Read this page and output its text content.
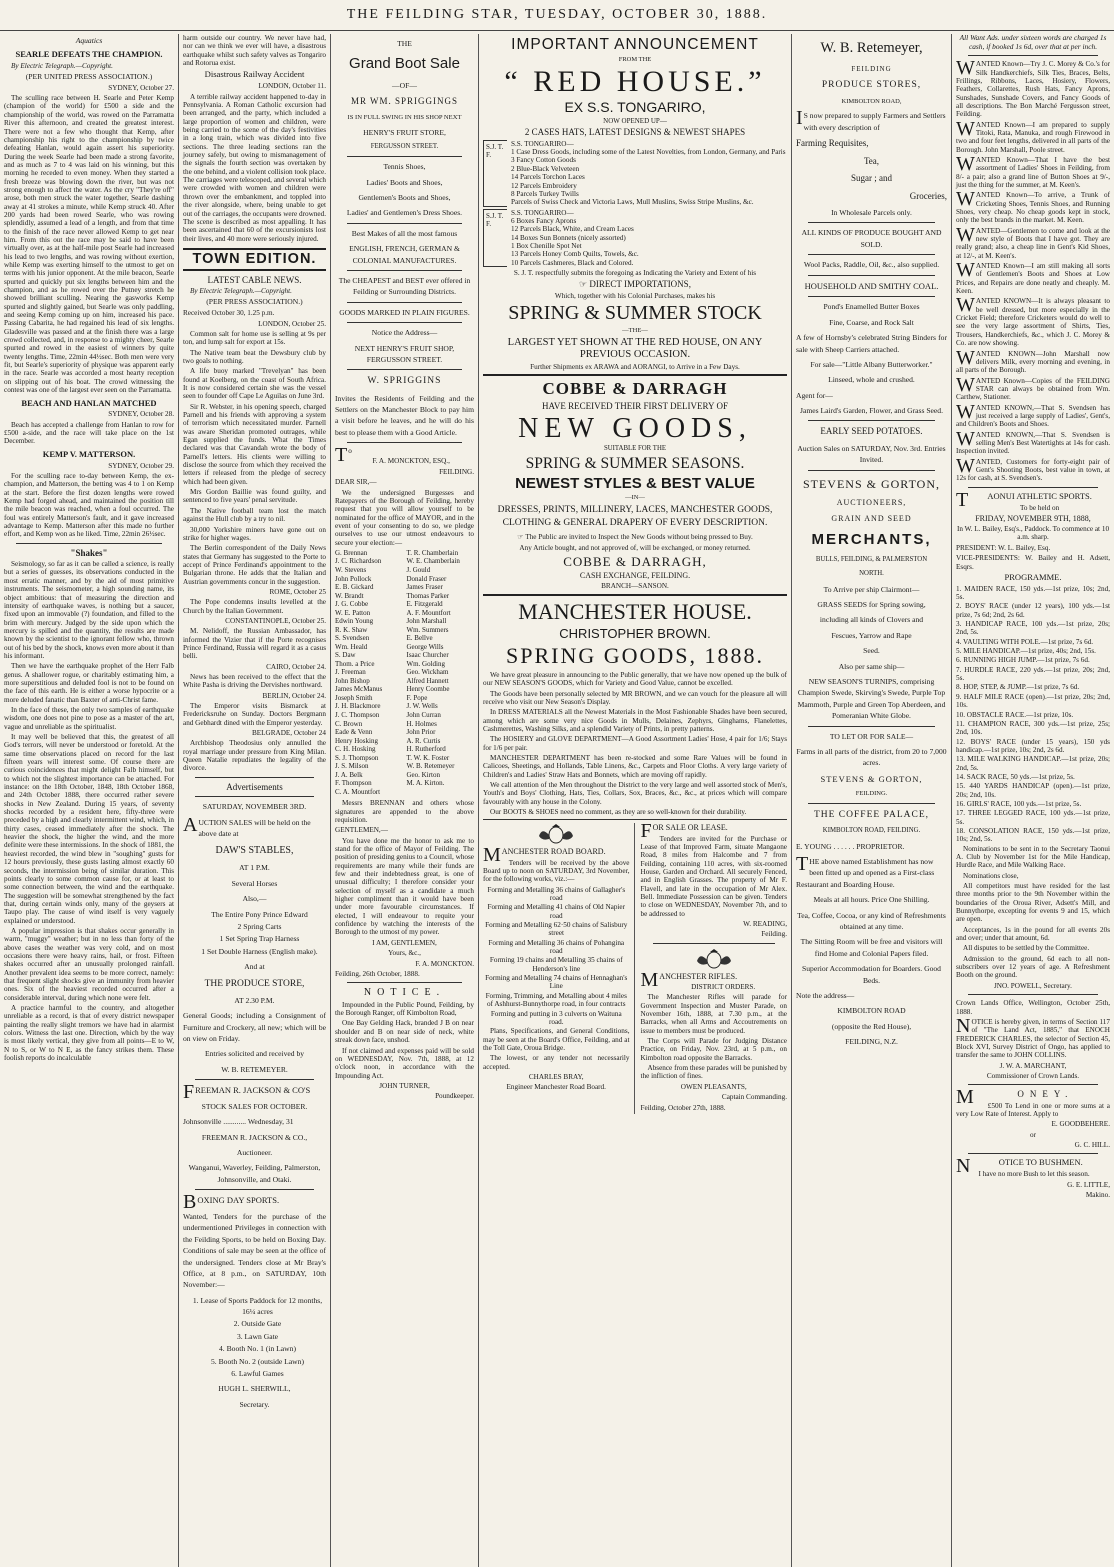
THE FEILDING STAR, TUESDAY, OCTOBER 30, 1888.
Aquatics
SEARLE DEFEATS THE CHAMPION.

By Electric Telegraph.—Copyright.

(PER UNITED PRESS ASSOCIATION.)

SYDNEY, October 27.

The sculling race between H. Searle and Peter Kemp (champion of the world) for £500 a side and the championship of the world, was rowed on the Parramatta River this afternoon, and created the greatest interest. There were not a few who thought that Kemp, after championship his right to the championship by twice defeating Hanlan, would again assert his superiority. During the week Searle had been made a strong favorite, and as much as 7 to 4 was laid on his winning, but this morning he receded to even money. When they started a fresh breeze was blowing down the river, but was not strong enough to affect the water. As the cry "They're off" arose, both men struck the water together, Searle dashing away at 41 strokes a minute, while Kemp struck 40. After 200 yards had been rowed Searle, who was rowing splendidly, assumed a lead of a length, and from that time to the finish of the race never allowed Kemp to get near him. From this out the race may be said to have been virtually over, as at the half-mile post Searle had increased his lead to two lengths, and was rowing without exertion, while Kemp was exerting himself to the utmost to get on terms with his junior opponent. At the mile beacon, Searle spurted and quickly put six lengths between him and the champion, and as he rowed over the Putney stretch he showed brilliant sculling. Nearing the gasworks Kemp spurted and slightly gained, but Searle was only paddling, and seeing Kemp coming up on him, increased his pace. Passing Cabarita, he had regained his lead of six lengths. Gladesville was passed and at the finish there was a large crowd collected, and, in response to a mighty cheer, Searle spurted and rowed in the easiest of winners by quite twenty lengths. Time, 22min 44½sec. Both men were very fit, but Searle's superiority of physique was apparent early in the race. Searle was accorded a most hearty reception on slipping out of his boat. The crowd witnessing the contest was one of the largest ever seen on the Parramatta.

BEACH AND HANLAN MATCHED

SYDNEY, October 28.

Beach has accepted a challenge from Hanlan to row for £500 a-side, and the race will take place on the 1st December.

KEMP V. MATTERSON.

SYDNEY, October 29.

For the sculling race to-day between Kemp, the ex-champion, and Matterson, the betting was 4 to 1 on Kemp at the start. Before the first dozen lengths were rowed Kemp had forged ahead, and maintained the position till the mile beacon was reached, when a foul occurred. The foul was entirely Matterson's fault, and it gave increased advantage to Kemp. Matterson after this made no further effort, and Kemp won as he liked. Time, 22min 26½sec.

"Shakes"

Seismology, so far as it can be called a science, is really but a series of guesses, its observations conducted in the most erratic manner, and by the aid of most primitive instruments. The seismometer, a high sounding name, its object ambitious: that of measuring the direction and intensity of earthquake waves, is nothing but a saucer, fixed upon an immovable (?) foundation, and filled to the brim with mercury. Judged by the side upon which the mercury is spilled and the quantity, the results are made known by the scientist to the ignorant fellow who, thrown out of his bed by the shock, knows even more about it than his informant.

Then we have the earthquake prophet of the Herr Falb genus. A shallower rogue, or charitably estimating him, a more superstitious and deluded fool is not to be found on the face of this earth. He is either a worse hypocrite or a more deluded fanatic than Baxter of anti-Christ fame.

In the face of these, the only two samples of earthquake wisdom, one does not pine to pose as a master of the art, vague and unreliable as the spiritualist.

It may well be believed that this, the greatest of all God's terrors, will never be understood or foretold. At the same time observations placed on record for the last fifteen years will interest some. Of course there are curious coincidences that might delight Falb himself, but to which not the slightest importance can be attached. For instance: on the 18th October, 1848, 18th October 1868, and 24th October 1888, there occurred rather severe shocks in New Zealand. During 15 years, of seventy shocks recorded by a resident here, fifty-three were preceded by a high and clearly intermittent wind, which, in thirty cases, ceased immediately after the shock. The heavier the shock, the higher the wind, and the more definite were these intermissions. In the shock of 1881, the heaviest recorded, the wind blew in "soughing" gusts for 12 hours previously, these gusts lasting almost exactly 60 seconds, the intermission being of similar duration. This points clearly to some common cause for, or at least to some connection between, the wind and the earthquake. The suggestion will be somewhat strengthened by the fact that, during certain winds only, many of the geysers at Taupo play. The cause of wind itself is very vaguely explained or understood.

A popular impression is that shakes occur generally in warm, "muggy" weather; but in no less than forty of the above cases the weather was very cold, and on most occasions there were heavy rains, hail, or frost. Fifteen shakes occurred after an unusually prolonged rainfall. Another prevalent idea seems to be more correct, namely: that frequent slight shocks give an immunity from heavier ones. Six of the heaviest recorded occurred after a considerable interval, during which none were felt.

A practice harmful to the country, and altogether unreliable as a record, is that of every district newspaper painting the really slight tremors we have had in alarmist colors. Witness the last one. Direction, which by the way is most likely vertical, they give from all points—E to W, N to S, or W to N E, as the fancy strikes them. These foolish reports do incalculable

harm outside our country. We never have had, nor can we think we ever will have, a disastrous earthquake whilst such safety valves as Tongariro and Rotorua exist.

Disastrous Railway Accident

LONDON, October 11.

A terrible railway accident happened to-day in Pennsylvania. A Roman Catholic excursion had been arranged, and the party, which included a large proportion of women and children, were being carried to the scene of the day's festivities in a long train, which was divided into five sections. The three leading sections ran the journey safely, but owing to mismanagement of the signals the fourth section was overtaken by the one behind, and a violent collision took place. The carriages were telescoped, and several which were crowded with women and children were thrown over the embankment, and toppled into the river alongside, where, being unable to get out of the carriages, the occupants were drowned. The scene is described as most appalling. It has been ascertained that 60 of the excursionists lost their lives, and 40 more were seriously injured.

TOWN EDITION.
LATEST CABLE NEWS.

By Electric Telegraph.—Copyright.

(PER PRESS ASSOCIATION.)

Received October 30, 1.25 p.m.

LONDON, October 25.

Common salt for home use is selling at 9s per ton, and lump salt for export at 15s.

The Native team beat the Dewsbury club by two goals to nothing.

A life buoy marked "Trevelyan" has been found at Koelberg, on the coast of South Africa. It is now considered certain she was the vessel seen to founder off Cape Le Aguilas on June 3rd.

Sir R. Webster, in his opening speech, charged Parnell and his friends with approving a system of terrorism which necessitated murder. Parnell was aware Sheridan promoted outrages, while Egan supplied the funds. What the Times declared was that Cavandah wrote the body of Parnell's letters. His clients were willing to disclose the source from which they received the letters if released from the pledge of secrecy which had been given.

Mrs Gordon Baillie was found guilty, and sentenced to five years' penal servitude.

The Native football team lost the match against the Hull club by a try to nil.

30,000 Yorkshire miners have gone out on strike for higher wages.

The Berlin correspondent of the Daily News states that Germany has suggested to the Porte to accept of Prince Ferdinand's appointment to the Bulgarian throne. He adds that the Italian and Austrian governments concur in the suggestion.

ROME, October 25

The Pope condemns insults levelled at the Church by the Italian Government.

CONSTANTINOPLE, October 25.

M. Nelidoff, the Russian Ambassador, has informed the Vizier that if the Porte recognises Prince Ferdinand, Russia will regard it as a casus belli.

CAIRO, October 24.

News has been received to the effect that the White Pasha is driving the Dervishes northward.

BERLIN, October 24.

The Emperor visits Bismarck at Fredericksruhe on Sunday. Doctors Bergmann and Gebhardt dined with the Emperor yesterday.

BELGRADE, October 24

Archbishop Theodosius only annulled the royal marriage under pressure from King Milan. Queen Natalie repudiates the legality of the divorce.

Advertisements

SATURDAY, NOVEMBER 3RD.

AUCTION SALES will be held on the above date at

DAW'S STABLES,

AT 1 P.M.

Several Horses

Also,—

The Entire Pony Prince Edward

2 Spring Carts

1 Set Spring Trap Harness

1 Set Double Harness (English make).

And at

THE PRODUCE STORE,

AT 2.30 P.M.

General Goods; including a Consignment of Furniture and Crockery, all new; which will be on view on Friday.

Entries solicited and received by

W. B. RETEMEYER.

FREEMAN R. JACKSON & CO'S

STOCK SALES FOR OCTOBER.

Johnsonville ............ Wednesday, 31

FREEMAN R. JACKSON & CO.,

Auctioneer.

Wanganui, Waverley, Feilding, Palmerston, Johnsonville, and Otaki.

BOXING DAY SPORTS.

Wanted, Tenders for the purchase of the undermentioned Privileges in connection with the Feilding Sports, to be held on Boxing Day. Conditions of sale may be seen at the office of the undersigned. Tenders close at Mr Bray's Office, at 8 p.m., on SATURDAY, 10th November:—

1. Lease of Sports Paddock for 12 months, 16¼ acres

2. Outside Gate

3. Lawn Gate

4. Booth No. 1 (in Lawn)

5. Booth No. 2 (outside Lawn)

6. Lawful Games

HUGH L. SHERWILL,

Secretary.

THE

Grand Boot Sale

—OF—

MR WM. SPRIGGINGS

IS IN FULL SWING IN HIS SHOP NEXT

HENRY'S FRUIT STORE,

FERGUSSON STREET.

Tennis Shoes,

Ladies' Boots and Shoes,

Gentlemen's Boots and Shoes,

Ladies' and Gentlemen's Dress Shoes.

Best Makes of all the most famous

ENGLISH, FRENCH, GERMAN & COLONIAL MANUFACTURES.

The CHEAPEST and BEST ever offered in Feilding or Surrounding Districts.

GOODS MARKED IN PLAIN FIGURES.

Notice the Address—

NEXT HENRY'S FRUIT SHOP, FERGUSSON STREET.

W. SPRIGGINS

Invites the Residents of Feilding and the Settlers on the Manchester Block to pay him a visit before he leaves, and he will do his best to please them with a Good Article.

To

F. A. MONCKTON, ESQ.,

FEILDING.

DEAR SIR,—

We the undersigned Burgesses and Ratepayers of the Borough of Feilding, hereby request that you will allow yourself to be nominated for the office of MAYOR, and in the event of your consenting to do so, we pledge ourselves to use our utmost endeavours to secure your election:—

G. Brennan	T. R. Chamberlain
J. C. Richardson	W. E. Chamberlain
W. Stevens	J. Gould
John Pollock	Donald Fraser
E. B. Gickard	James Fraser
W. Brandt	Thomas Parker
J. G. Cobbe	E. Fitzgerald
W. E. Patton	A. F. Mountfort
Edwin Young	John Marshall
R. K. Shaw	Wm. Summers
S. Svendsen	E. Bellve
Wm. Heald	George Wills
S. Daw	Isaac Churcher
Thom. a Price	Wm. Golding
J. Freeman	Geo. Wickham
John Bishop	Alfred Hannett
James McManus	Henry Coombe
Joseph Smith	F. Pope
J. H. Blackmore	J. W. Wells
J. C. Thompson	John Curran
C. Brown	H. Holmes
Eade & Venn	John Prior
Henry Hosking	A. R. Curtis
C. H. Hosking	H. Rutherford
S. J. Thompson	T. W. K. Foster
J. S. Milson	W. B. Retemeyer
J. A. Belk	Geo. Kirton
F. Thompson	M. A. Kirton.
C. A. Mountfort

Messrs BRENNAN and others whose signatures are appended to the above requisition.

GENTLEMEN,—

You have done me the honor to ask me to stand for the office of Mayor of Feilding. The position of presiding genius to a Council, whose requirements are many while their funds are few and their indebtedness great, is one of unusual difficulty; I therefore consider your selection of myself as a candidate a much higher compliment than it would have been under more favourable circumstances. If elected, I will endeavour to requite your confidence by watching the interests of the Borough to the utmost of my power.

I AM, GENTLEMEN,

Yours, &c.,

F. A. MONCKTON.

Feilding, 26th October, 1888.

NOTICE.

Impounded in the Public Pound, Feilding, by the Borough Ranger, off Kimbolton Road,

One Bay Gelding Hack, branded J B on near shoulder and B on near side of neck, white streak down face, unshod.

If not claimed and expenses paid will be sold on WEDNESDAY, Nov. 7th, 1888, at 12 o'clock noon, in accordance with the Impounding Act.

JOHN TURNER,

Poundkeeper.

IMPORTANT ANNOUNCEMENT

FROM THE

“ RED HOUSE.”

EX S.S. TONGARIRO,

NOW OPENED UP—

2 CASES HATS, LATEST DESIGNS & NEWEST SHAPES

S.J. T. F.

S.S. TONGARIRO—

1 Case Dress Goods, including some of the Latest Novelties, from London, Germany, and Paris

3 Fancy Cotton Goods

2 Blue-Black Velveteen

14 Parcels Torchon Laces

12 Parcels Embroidery

8 Parcels Turkey Twills

Parcels of Swiss Check and Victoria Laws, Mull Muslins, Swiss Stripe Muslins, &c.

S.J. T. F.

S.S. TONGARIRO—

6 Boxes Fancy Aprons

12 Parcels Black, White, and Cream Laces

14 Boxes Sun Bonnets (nicely assorted)

1 Box Chenille Spot Net

13 Parcels Honey Comb Quilts, Towels, &c.

10 Parcels Cashmeres, Black and Colored.

S. J. T. respectfully submits the foregoing as Indicating the Variety and Extent of his

☞ DIRECT IMPORTATIONS,

Which, together with his Colonial Purchases, makes his

SPRING & SUMMER STOCK

—THE—

LARGEST YET SHOWN AT THE RED HOUSE, ON ANY PREVIOUS OCCASION.

Further Shipments ex ARAWA and AORANGI, to Arrive in a Few Days.

COBBE & DARRAGH

HAVE RECEIVED THEIR FIRST DELIVERY OF

NEW GOODS,

SUITABLE FOR THE

SPRING & SUMMER SEASONS.

NEWEST STYLES & BEST VALUE

—IN—

DRESSES, PRINTS, MILLINERY, LACES, MANCHESTER GOODS, CLOTHING & GENERAL DRAPERY OF EVERY DESCRIPTION.

☞ The Public are invited to Inspect the New Goods without being pressed to Buy.

Any Article bought, and not approved of, will be exchanged, or money returned.

COBBE & DARRAGH,

CASH EXCHANGE, FEILDING.

BRANCH—SANSON.

MANCHESTER HOUSE.

CHRISTOPHER BROWN.

SPRING GOODS, 1888.

We have great pleasure in announcing to the Public generally, that we have now opened up the bulk of our NEW SEASON'S GOODS, which for Variety and Good Value, cannot be excelled.

The Goods have been personally selected by MR BROWN, and we can vouch for the pleasure all will receive who visit our New Season's Display.

In DRESS MATERIALS all the Newest Materials in the Most Fashionable Shades have been secured, among which are some very nice Goods in Mulls, Delaines, Zephyrs, Ginghams, Flanelettes, Cashmerettes, Washing Silks, and a splendid Variety of Prints, in pretty patterns.

The HOSIERY and GLOVE DEPARTMENT—A Good Assortment Ladies' Hose, 4 pair for 1/6; Stays for 1/6 per pair.

MANCHESTER DEPARTMENT has been re-stocked and some Rare Values will be found in Calicoes, Sheetings, and Hollands, Table Linens, &c., Carpets and Floor Cloths. A very large variety of Children's and Ladies' Straw Hats and Bonnets, which are moving off rapidly.

We call attention of the Men throughout the District to the very large and well assorted stock of Men's, Youth's and Boys' Clothing, Hats, Ties, Collars, Sox, Braces, &c., &c., at prices which will compare favourably with any house in the Colony.

Our BOOTS & SHOES need no comment, as they are so well-known for their durability.

MANCHESTER ROAD BOARD.

Tenders will be received by the above Board up to noon on SATURDAY, 3rd November, for the following works, viz.:—

Forming and Metalling 36 chains of Gallagher's road

Forming and Metalling 41 chains of Old Napier road

Forming and Metalling 62·50 chains of Salisbury street

Forming and Metalling 36 chains of Pohangina road

Forming 19 chains and Metalling 35 chains of Henderson's line

Forming and Metalling 74 chains of Hennaghan's Line

Forming, Trimming, and Metalling about 4 miles of Ashhurst-Bunnythorpe road, in four contracts

Forming and putting in 3 culverts on Waituna road.

Plans, Specifications, and General Conditions, may be seen at the Board's Office, Feilding, and at the Toll Gate, Oroua Bridge.

The lowest, or any tender not necessarily accepted.

CHARLES BRAY,

Engineer Manchester Road Board.

FOR SALE OR LEASE.

Tenders are invited for the Purchase or Lease of that Improved Farm, situate Mangaone Road, 8 miles from Halcombe and 7 from Feilding, containing 110 acres, with six-roomed House, Garden and Orchard. All securely Fenced, and in English Grasses. The property of Mr F. Flavell, and late in the occupation of Mr Alex. Bell. Immediate Possession can be given. Tenders to close on WEDNESDAY, November 7th, and to be addressed to

W. READING,

Feilding.

MANCHESTER RIFLES.

DISTRICT ORDERS.

The Manchester Rifles will parade for Government Inspection and Muster Parade, on November 16th, 1888, at 7.30 p.m., at the Barracks, when all Arms and Accoutrements on issue to members must be produced.

The Corps will Parade for Judging Distance Practice, on Friday, Nov. 23rd, at 5 p.m., on Kimbolton road opposite the Barracks.

Absence from these parades will be punished by the infliction of fines.

OWEN PLEASANTS,

Captain Commanding.

Feilding, October 27th, 1888.

W. B. Retemeyer,

FEILDING

PRODUCE STORES,

KIMBOLTON ROAD,

IS now prepared to supply Farmers and Settlers with every description of

Farming Requisites,

Tea,

Sugar ; and

Groceries,

In Wholesale Parcels only.

ALL KINDS OF PRODUCE BOUGHT AND SOLD.

Wool Packs, Raddle, Oil, &c., also supplied.

HOUSEHOLD AND SMITHY COAL.

Pond's Enamelled Butter Boxes

Fine, Coarse, and Rock Salt

A few of Hornsby's celebrated String Binders for sale with Sheep Carriers attached.

For sale—"Little Albany Butterworker."

Linseed, whole and crushed.

Agent for—

James Laird's Garden, Flower, and Grass Seed.

EARLY SEED POTATOES.

Auction Sales on SATURDAY, Nov. 3rd. Entries Invited.

STEVENS & GORTON,

AUCTIONEERS,

GRAIN AND SEED

MERCHANTS,

BULLS, FEILDING, & PALMERSTON

NORTH.

To Arrive per ship Clairmont—

GRASS SEEDS for Spring sowing,

including all kinds of Clovers and

Fescues, Yarrow and Rape

Seed.

Also per same ship—

NEW SEASON'S TURNIPS, comprising Champion Swede, Skirving's Swede, Purple Top Mammoth, Purple and Green Top Aberdeen, and Pomeranian White Globe.

TO LET OR FOR SALE—

Farms in all parts of the district, from 20 to 7,000 acres.

STEVENS & GORTON,

FEILDING.

THE COFFEE PALACE,

KIMBOLTON ROAD, FEILDING.

E. YOUNG . . . . . . PROPRIETOR.

THE above named Establishment has now been fitted up and opened as a First-class Restaurant and Boarding House.

Meals at all hours. Price One Shilling.

Tea, Coffee, Cocoa, or any kind of Refreshments obtained at any time.

The Sitting Room will be free and visitors will find Home and Colonial Papers filed.

Superior Accommodation for Boarders. Good Beds.

Note the address—

KIMBOLTON ROAD

(opposite the Red House),

FEILDING, N.Z.

All Want Ads. under sixteen words are charged 1s cash, if booked 1s 6d, over that at per inch.

WANTED Known—Try J. C. Morey & Co.'s for Silk Handkerchiefs, Silk Ties, Braces, Belts, Frillings, Ribbons, Laces, Hosiery, Flowers, Feathers, Collarettes, Rush Hats, Fancy Aprons, Sunshades, Sunshade Covers, and Fancy Goods of all descriptions. The Bon Marché Fergusson street, Feilding.

WANTED Known—I am prepared to supply Titoki, Rata, Manuka, and rough Firewood in two and four feet lengths, delivered in all parts of the Borough. John Marshall, Poole street.

WANTED Known—That I have the best assortment of Ladies' Shoes in Feilding, from 8/- a pair; also a grand line of Button Shoes at 9/-, just the thing for the summer, at M. Keen's.

WANTED Known—To arrive, a Trunk of Cricketing Shoes, Tennis Shoes, and Running Shoes, very cheap. No cheap goods kept in stock, only the best brands in the market. M. Keen.

WANTED—Gentlemen to come and look at the new style of Boots that I have got. They are really grand; also, a cheap line in Gent's Kid Shoes, at 12/-, at M. Keen's.

WANTED Known—I am still making all sorts of Gentlemen's Boots and Shoes at Low Prices, and Repairs are done neatly and cheaply. M. Keen.

WANTED KNOWN—It is always pleasant to be well dressed, but more especially in the Cricket Field; therefore Cricketers would do well to see the very large assortment of Shirts, Ties, Trousers, Handkerchiefs, &c., which J. C. Morey & Co. are now showing.

WANTED KNOWN—John Marshall now delivers Milk, every morning and evening, in all parts of the Borough.

WANTED Known—Copies of the FEILDING STAR can always be obtained from Wm. Carthew, Stationer.

WANTED KNOWN,—That S. Svendsen has just received a large supply of Ladies', Gent's, and Children's Boots and Shoes.

WANTED KNOWN,—That S. Svendsen is selling Men's Best Watertights at 14s for cash. Inspection invited.

WANTED, Customers for forty-eight pair of Gent's Shooting Boots, best value in town, at 12s for cash, at S. Svendsen's.

TAONUI ATHLETIC SPORTS.

To be held on

FRIDAY, NOVEMBER 9TH, 1888,

In W. L. Bailey, Esq's., Paddock. To commence at 10 a.m. sharp.

PRESIDENT: W. L. Bailey, Esq.

VICE-PRESIDENTS: W. Bailey and H. Adsett, Esqrs.

PROGRAMME.

1. MAIDEN RACE, 150 yds.—1st prize, 10s; 2nd, 5s.

2. BOYS' RACE (under 12 years), 100 yds.—1st prize, 7s 6d; 2nd, 2s 6d.

3. HANDICAP RACE, 100 yds.—1st prize, 20s; 2nd, 5s.

4. VAULTING WITH POLE.—1st prize, 7s 6d.

5. MILE HANDICAP.—1st prize, 40s; 2nd, 15s.

6. RUNNING HIGH JUMP.—1st prize, 7s 6d.

7. HURDLE RACE, 220 yds.—1st prize, 20s; 2nd, 5s.

8. HOP, STEP, & JUMP.—1st prize, 7s 6d.

9. HALF MILE RACE (open).—1st prize, 20s; 2nd, 10s.

10. OBSTACLE RACE.—1st prize, 10s.

11. CHAMPION RACE, 300 yds.—1st prize, 25s; 2nd, 10s.

12. BOYS' RACE (under 15 years), 150 yds handicap.—1st prize, 10s; 2nd, 2s 6d.

13. MILE WALKING HANDICAP.—1st prize, 20s; 2nd, 5s.

14. SACK RACE, 50 yds.—1st prize, 5s.

15. 440 YARDS HANDICAP (open).—1st prize, 20s; 2nd, 10s.

16. GIRLS' RACE, 100 yds.—1st prize, 5s.

17. THREE LEGGED RACE, 100 yds.—1st prize, 5s.

18. CONSOLATION RACE, 150 yds.—1st prize, 10s; 2nd, 5s.

Nominations to be sent in to the Secretary Taonui A. Club by November 1st for the Mile Handicap, Hurdle Race, and Mile Walking Race.

Nominations close,

All competitors must have resided for the last three months prior to the 9th November within the boundaries of the Oroua River, Adsett's Mill, and Bunnythorpe, excepting for events 9 and 15, which are open.

Acceptances, 1s in the pound for all events 20s and over; under that amount, 6d.

All disputes to be settled by the Committee.

Admission to the ground, 6d each to all non-subscribers over 12 years of age. A Refreshment Booth on the ground.

JNO. POWELL, Secretary.

Crown Lands Office, Wellington, October 25th, 1888.

NOTICE is hereby given, in terms of Section 117 of "The Land Act, 1885," that ENOCH FREDERICK CHARLES, the selector of Section 45, Block XVI, Survey District of Ongo, has applied to transfer the same to JOHN COLLINS.

J. W. A. MARCHANT,

Commissioner of Crown Lands.

MONEY.

£500 To Lend in one or more sums at a very Low Rate of Interest. Apply to

E. GOODBEHERE.

or

G. C. HILL.

NOTICE TO BUSHMEN.

I have no more Bush to let this season.

G. E. LITTLE,

Makino.
